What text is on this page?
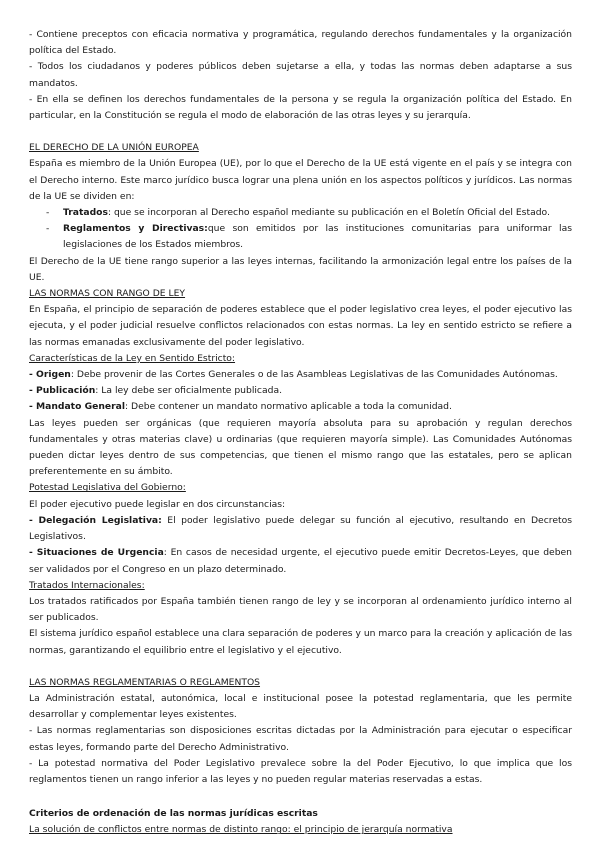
- Contiene preceptos con eficacia normativa y programática, regulando derechos fundamentales y la organización política del Estado.

- Todos los ciudadanos y poderes públicos deben sujetarse a ella, y todas las normas deben adaptarse a sus mandatos.

- En ella se definen los derechos fundamentales de la persona y se regula la organización política del Estado. En particular, en la Constitución se regula el modo de elaboración de las otras leyes y su jerarquía.

EL DERECHO DE LA UNIÓN EUROPEA

España es miembro de la Unión Europea (UE), por lo que el Derecho de la UE está vigente en el país y se integra con el Derecho interno. Este marco jurídico busca lograr una plena unión en los aspectos políticos y jurídicos. Las normas de la UE se dividen en:

- Tratados: que se incorporan al Derecho español mediante su publicación en el Boletín Oficial del Estado.
- Reglamentos y Directivas:que son emitidos por las instituciones comunitarias para uniformar las legislaciones de los Estados miembros.

El Derecho de la UE tiene rango superior a las leyes internas, facilitando la armonización legal entre los países de la UE.

LAS NORMAS CON RANGO DE LEY

En España, el principio de separación de poderes establece que el poder legislativo crea leyes, el poder ejecutivo las ejecuta, y el poder judicial resuelve conflictos relacionados con estas normas. La ley en sentido estricto se refiere a las normas emanadas exclusivamente del poder legislativo.

Características de la Ley en Sentido Estricto:

- Origen: Debe provenir de las Cortes Generales o de las Asambleas Legislativas de las Comunidades Autónomas.

- Publicación: La ley debe ser oficialmente publicada.

- Mandato General: Debe contener un mandato normativo aplicable a toda la comunidad.

Las leyes pueden ser orgánicas (que requieren mayoría absoluta para su aprobación y regulan derechos fundamentales y otras materias clave) u ordinarias (que requieren mayoría simple). Las Comunidades Autónomas pueden dictar leyes dentro de sus competencias, que tienen el mismo rango que las estatales, pero se aplican preferentemente en su ámbito.

Potestad Legislativa del Gobierno:

El poder ejecutivo puede legislar en dos circunstancias:

- Delegación Legislativa: El poder legislativo puede delegar su función al ejecutivo, resultando en Decretos Legislativos.

- Situaciones de Urgencia: En casos de necesidad urgente, el ejecutivo puede emitir Decretos-Leyes, que deben ser validados por el Congreso en un plazo determinado.

Tratados Internacionales:

Los tratados ratificados por España también tienen rango de ley y se incorporan al ordenamiento jurídico interno al ser publicados.

El sistema jurídico español establece una clara separación de poderes y un marco para la creación y aplicación de las normas, garantizando el equilibrio entre el legislativo y el ejecutivo.

LAS NORMAS REGLAMENTARIAS O REGLAMENTOS

La Administración estatal, autonómica, local e institucional posee la potestad reglamentaria, que les permite desarrollar y complementar leyes existentes.

- Las normas reglamentarias son disposiciones escritas dictadas por la Administración para ejecutar o especificar estas leyes, formando parte del Derecho Administrativo.

- La potestad normativa del Poder Legislativo prevalece sobre la del Poder Ejecutivo, lo que implica que los reglamentos tienen un rango inferior a las leyes y no pueden regular materias reservadas a estas.

Criterios de ordenación de las normas jurídicas escritas

La solución de conflictos entre normas de distinto rango: el principio de jerarquía normativa
